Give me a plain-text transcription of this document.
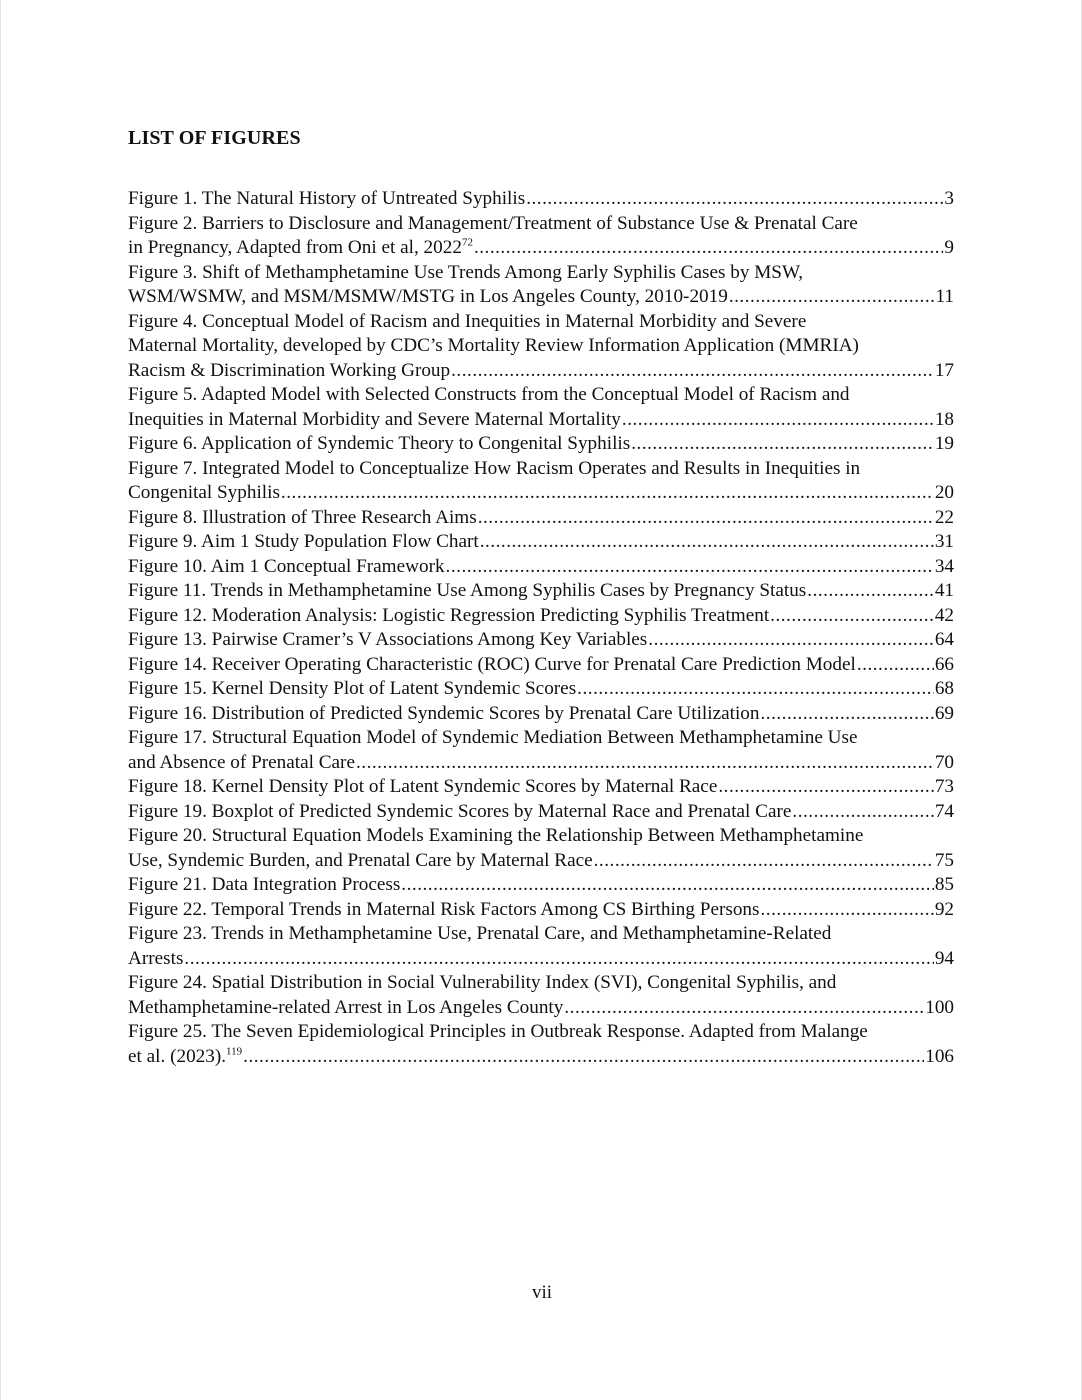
LIST OF FIGURES
Figure 1. The Natural History of Untreated Syphilis .....	3
Figure 2. Barriers to Disclosure and Management/Treatment of Substance Use & Prenatal Care
in Pregnancy, Adapted from Oni et al, 2022$^{72}$ .....	9
Figure 3. Shift of Methamphetamine Use Trends Among Early Syphilis Cases by MSW,
WSM/WSMW, and MSM/MSMW/MSTG in Los Angeles County, 2010-2019 .....	11
Figure 4. Conceptual Model of Racism and Inequities in Maternal Morbidity and Severe
Maternal Mortality, developed by CDC’s Mortality Review Information Application (MMRIA)
Racism & Discrimination Working Group .....	17
Figure 5. Adapted Model with Selected Constructs from the Conceptual Model of Racism and
Inequities in Maternal Morbidity and Severe Maternal Mortality .....	18
Figure 6. Application of Syndemic Theory to Congenital Syphilis .....	19
Figure 7. Integrated Model to Conceptualize How Racism Operates and Results in Inequities in
Congenital Syphilis .....	20
Figure 8. Illustration of Three Research Aims .....	22
Figure 9. Aim 1 Study Population Flow Chart .....	31
Figure 10. Aim 1 Conceptual Framework .....	34
Figure 11. Trends in Methamphetamine Use Among Syphilis Cases by Pregnancy Status .....	41
Figure 12. Moderation Analysis: Logistic Regression Predicting Syphilis Treatment .....	42
Figure 13. Pairwise Cramer’s V Associations Among Key Variables .....	64
Figure 14. Receiver Operating Characteristic (ROC) Curve for Prenatal Care Prediction Model .....	66
Figure 15. Kernel Density Plot of Latent Syndemic Scores .....	68
Figure 16. Distribution of Predicted Syndemic Scores by Prenatal Care Utilization .....	69
Figure 17. Structural Equation Model of Syndemic Mediation Between Methamphetamine Use
and Absence of Prenatal Care .....	70
Figure 18. Kernel Density Plot of Latent Syndemic Scores by Maternal Race .....	73
Figure 19. Boxplot of Predicted Syndemic Scores by Maternal Race and Prenatal Care .....	74
Figure 20. Structural Equation Models Examining the Relationship Between Methamphetamine
Use, Syndemic Burden, and Prenatal Care by Maternal Race .....	75
Figure 21. Data Integration Process .....	85
Figure 22. Temporal Trends in Maternal Risk Factors Among CS Birthing Persons .....	92
Figure 23. Trends in Methamphetamine Use, Prenatal Care, and Methamphetamine-Related
Arrests .....	94
Figure 24. Spatial Distribution in Social Vulnerability Index (SVI), Congenital Syphilis, and
Methamphetamine-related Arrest in Los Angeles County .....	100
Figure 25. The Seven Epidemiological Principles in Outbreak Response. Adapted from Malange
et al. (2023).$^{119}$ .....	106
vii
